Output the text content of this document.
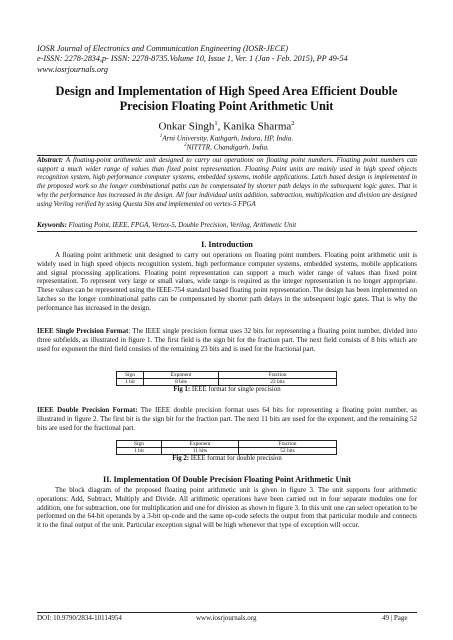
IOSR Journal of Electronics and Communication Engineering (IOSR-JECE)
e-ISSN: 2278-2834,p- ISSN: 2278-8735.Volume 10, Issue 1, Ver. 1 (Jan - Feb. 2015), PP 49-54
www.iosrjournals.org
Design and Implementation of High Speed Area Efficient Double
Precision Floating Point Arithmetic Unit
Onkar Singh$^1$, Kanika Sharma$^2$
$^1$Arni University, Kathgarh, Indora, HP, India.
$^2$NITTTR, Chandigarh, India.
Abstract: A floating-point arithmetic unit designed to carry out operations on floating point numbers. Floating point numbers can support a much wider range of values than fixed point representation. Floating Point units are mainly used in high speed objects recognition system, high performance computer systems, embedded systems, mobile applications. Latch based design is implemented in the proposed work so the longer combinational paths can be compensated by shorter path delays in the subsequent logic gates. That is why the performance has increased in the design. All four individual units addition, subtraction, multiplication and division are designed using Verilog verified by using Questa Sim and implemented on vertex-5 FPGA
Keywords: Floating Point, IEEE, FPGA, Vertex-5, Double Precision, Verilog, Arithmetic Unit
I. Introduction
A floating point arithmetic unit designed to carry out operations on floating point numbers. Floating point arithmetic unit is widely used in high speed objects recognition system, high performance computer systems, embedded systems, mobile applications and signal processing applications. Floating point representation can support a much wider range of values than fixed point representation. To represent very large or small values, wide range is required as the integer representation is no longer appropriate. These values can be represented using the IEEE-754 standard based floating point representation. The design has been implemented on latches so the longer combinational paths can be compensated by shorter path delays in the subsequent logic gates. That is why the performance has increased in the design.
IEEE Single Precision Format: The IEEE single precision format uses 32 bits for representing a floating point number, divided into three subfields, as illustrated in figure 1. The first field is the sign bit for the fraction part. The next field consists of 8 bits which are used for exponent the third field consists of the remaining 23 bits and is used for the fractional part.
Sign	Exponent	Fraction
1 bit	8 bits	23 bits
Fig 1: IEEE format for single precision
IEEE Double Precision Format: The IEEE double precision format uses 64 bits for representing a floating point number, as illustrated in figure 2. The first bit is the sign bit for the fraction part. The next 11 bits are used for the exponent, and the remaining 52 bits are used for the fractional part.
Sign	Exponent	Fraction
1 bit	11 bits	52 bits
Fig 2: IEEE format for double precision
II. Implementation Of Double Precision Floating Point Arithmetic Unit
The block diagram of the proposed floating point arithmetic unit is given in figure 3. The unit supports four arithmetic operations: Add, Subtract, Multiply and Divide. All arithmetic operations have been carried out in four separate modules one for addition, one for subtraction, one for multiplication and one for division as shown in figure 3. In this unit one can select operation to be performed on the 64-bit operands by a 3-bit op-code and the same op-code selects the output from that particular module and connects it to the final output of the unit. Particular exception signal will be high whenever that type of exception will occur.
DOI: 10.9790/2834-10114954	www.iosrjournals.org	49 | Page
